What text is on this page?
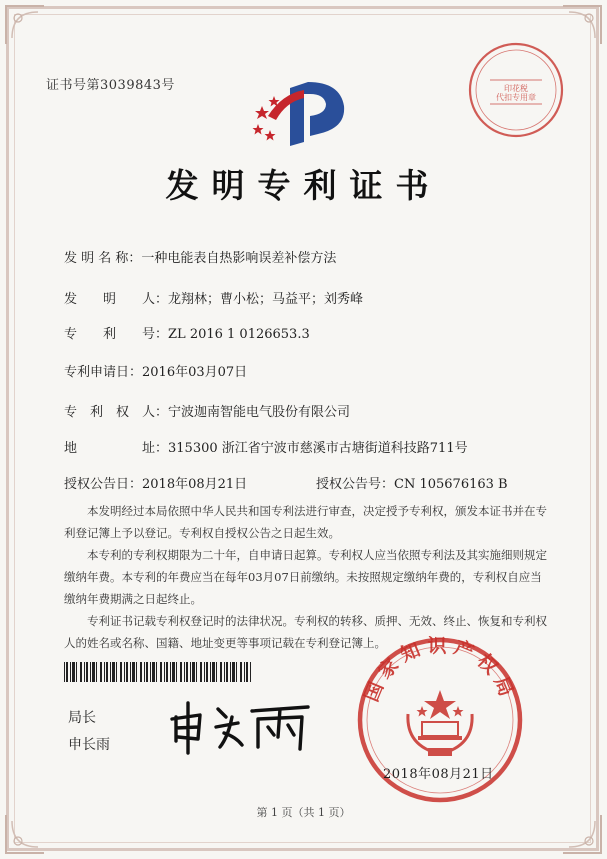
证书号第3039843号	印花税
代扣专用章
发明专利证书
发 明 名 称：一种电能表自热影响误差补偿方法
发　　明　　人：龙翔林；曹小松；马益平；刘秀峰
专　　利　　号：ZL 2016 1 0126653.3
专利申请日：2016年03月07日
专　利　权　人：宁波迦南智能电气股份有限公司
地　　　　　址：315300 浙江省宁波市慈溪市古塘街道科技路711号
授权公告日：2018年08月21日	授权公告号：CN 105676163 B

本发明经过本局依照中华人民共和国专利法进行审查，决定授予专利权，颁发本证书并在专利登记簿上予以登记。专利权自授权公告之日起生效。

本专利的专利权期限为二十年，自申请日起算。专利权人应当依照专利法及其实施细则规定缴纳年费。本专利的年费应当在每年03月07日前缴纳。未按照规定缴纳年费的，专利权自应当缴纳年费期满之日起终止。

专利证书记载专利权登记时的法律状况。专利权的转移、质押、无效、终止、恢复和专利权人的姓名或名称、国籍、地址变更等事项记载在专利登记簿上。

局长
申长雨
国家知识产权局
2018年08月21日
第 1 页（共 1 页）
